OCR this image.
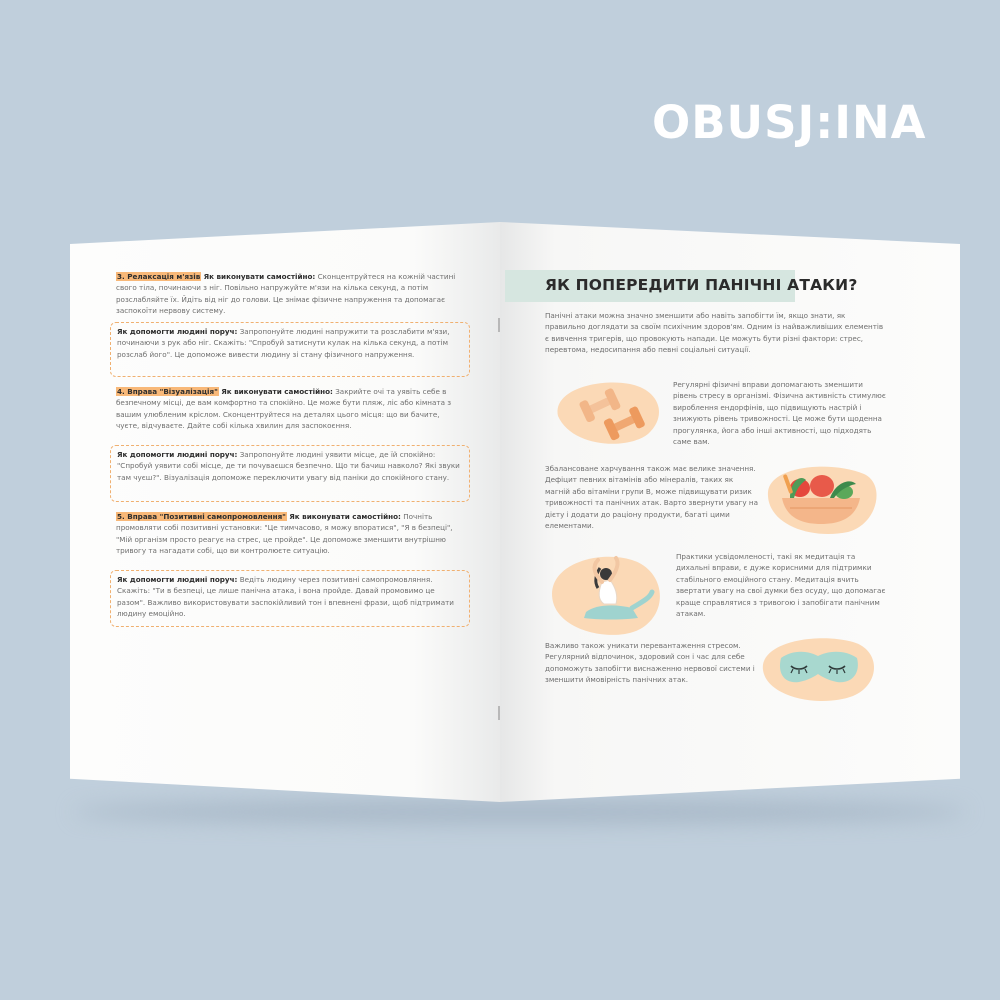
OBUSJ:INA
3. Релаксація м'язів Як виконувати самостійно: Сконцентруйтеся на кожній частині свого тіла, починаючи з ніг. Повільно напружуйте м'язи на кілька секунд, а потім розслабляйте їх. Йдіть від ніг до голови. Це знімає фізичне напруження та допомагає заспокоїти нервову систему.
Як допомогти людині поруч: Запропонуйте людині напружити та розслабити м'язи, починаючи з рук або ніг. Скажіть: "Спробуй затиснути кулак на кілька секунд, а потім розслаб його". Це допоможе вивести людину зі стану фізичного напруження.
4. Вправа "Візуалізація" Як виконувати самостійно: Закрийте очі та уявіть себе в безпечному місці, де вам комфортно та спокійно. Це може бути пляж, ліс або кімната з вашим улюбленим кріслом. Сконцентруйтеся на деталях цього місця: що ви бачите, чуєте, відчуваєте. Дайте собі кілька хвилин для заспокоєння.
Як допомогти людині поруч: Запропонуйте людині уявити місце, де їй спокійно: "Спробуй уявити собі місце, де ти почуваєшся безпечно. Що ти бачиш навколо? Які звуки там чуєш?". Візуалізація допоможе переключити увагу від паніки до спокійного стану.
5. Вправа "Позитивні самопромовлення" Як виконувати самостійно: Почніть промовляти собі позитивні установки: "Це тимчасово, я можу впоратися", "Я в безпеці", "Мій організм просто реагує на стрес, це пройде". Це допоможе зменшити внутрішню тривогу та нагадати собі, що ви контролюєте ситуацію.
Як допомогти людині поруч: Ведіть людину через позитивні самопромовляння. Скажіть: "Ти в безпеці, це лише панічна атака, і вона пройде. Давай промовимо це разом". Важливо використовувати заспокійливий тон і впевнені фрази, щоб підтримати людину емоційно.
ЯК ПОПЕРЕДИТИ ПАНІЧНІ АТАКИ?
Панічні атаки можна значно зменшити або навіть запобігти їм, якщо знати, як правильно доглядати за своїм психічним здоров'ям. Одним із найважливіших елементів є вивчення тригерів, що провокують напади. Це можуть бути різні фактори: стрес, перевтома, недосипання або певні соціальні ситуації.
Регулярні фізичні вправи допомагають зменшити рівень стресу в організмі. Фізична активність стимулює вироблення ендорфінів, що підвищують настрій і знижують рівень тривожності. Це може бути щоденна прогулянка, йога або інші активності, що підходять саме вам.
Збалансоване харчування також має велике значення. Дефіцит певних вітамінів або мінералів, таких як магній або вітаміни групи B, може підвищувати ризик тривожності та панічних атак. Варто звернути увагу на дієту і додати до раціону продукти, багаті цими елементами.
Практики усвідомленості, такі як медитація та дихальні вправи, є дуже корисними для підтримки стабільного емоційного стану. Медитація вчить звертати увагу на свої думки без осуду, що допомагає краще справлятися з тривогою і запобігати панічним атакам.
Важливо також уникати перевантаження стресом. Регулярний відпочинок, здоровий сон і час для себе допоможуть запобігти виснаженню нервової системи і зменшити ймовірність панічних атак.
